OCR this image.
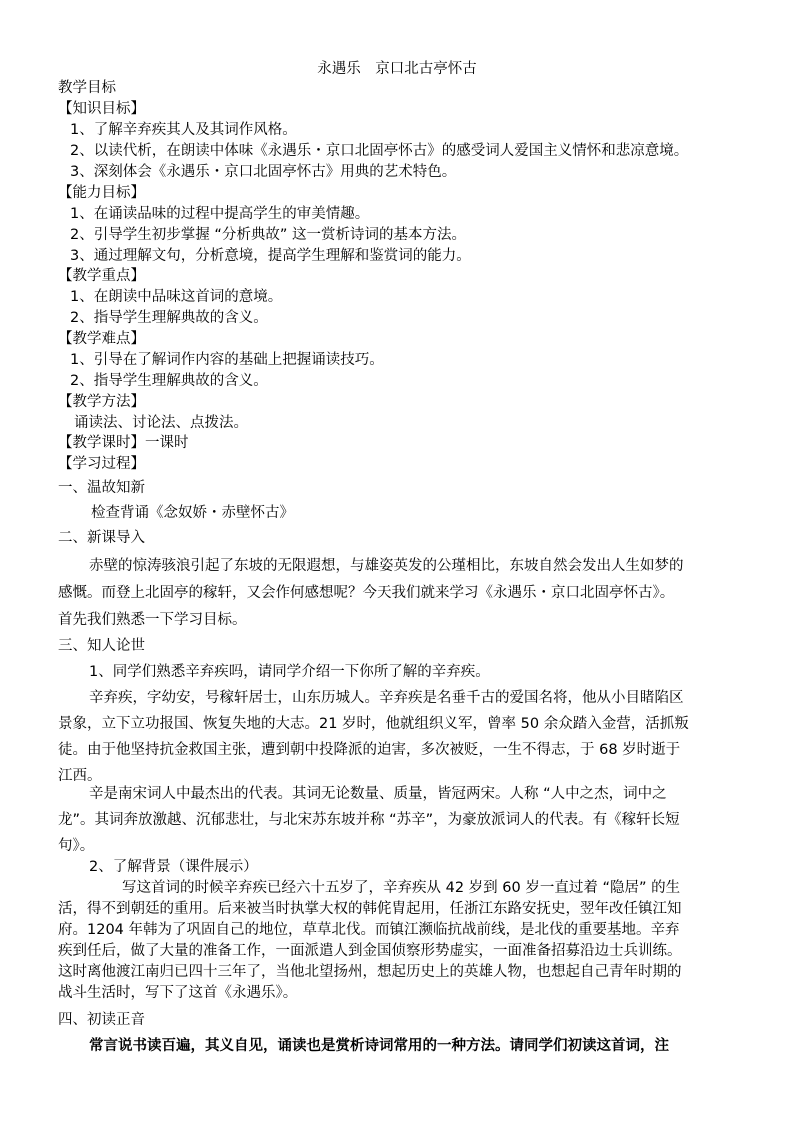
永遇乐　京口北古亭怀古
教学目标
【知识目标】
1、了解辛弃疾其人及其词作风格。
2、以读代析，在朗读中体味《永遇乐・京口北固亭怀古》的感受词人爱国主义情怀和悲凉意境。
3、深刻体会《永遇乐・京口北固亭怀古》用典的艺术特色。
【能力目标】
1、在诵读品味的过程中提高学生的审美情趣。
2、引导学生初步掌握 “分析典故” 这一赏析诗词的基本方法。
3、通过理解文句，分析意境，提高学生理解和鉴赏词的能力。
【教学重点】
1、在朗读中品味这首词的意境。
2、指导学生理解典故的含义。
【教学难点】
1、引导在了解词作内容的基础上把握诵读技巧。
2、指导学生理解典故的含义。
【教学方法】
诵读法、讨论法、点拨法。
【教学课时】一课时
【学习过程】
一、温故知新
检查背诵《念奴娇・赤壁怀古》
二、新课导入
赤壁的惊涛骇浪引起了东坡的无限遐想，与雄姿英发的公瑾相比，东坡自然会发出人生如梦的
感慨。而登上北固亭的稼轩，又会作何感想呢？今天我们就来学习《永遇乐・京口北固亭怀古》。
首先我们熟悉一下学习目标。
三、知人论世
1、同学们熟悉辛弃疾吗，请同学介绍一下你所了解的辛弃疾。
辛弃疾，字幼安，号稼轩居士，山东历城人。辛弃疾是名垂千古的爱国名将，他从小目睹陷区
景象，立下立功报国、恢复失地的大志。21 岁时，他就组织义军，曾率 50 余众踏入金营，活抓叛
徒。由于他坚持抗金救国主张，遭到朝中投降派的迫害，多次被贬，一生不得志，于 68 岁时逝于
江西。
辛是南宋词人中最杰出的代表。其词无论数量、质量，皆冠两宋。人称 “人中之杰，词中之
龙”。其词奔放激越、沉郁悲壮，与北宋苏东坡并称 “苏辛”，为豪放派词人的代表。有《稼轩长短
句》。
2、了解背景（课件展示）
写这首词的时候辛弃疾已经六十五岁了，辛弃疾从 42 岁到 60 岁一直过着 “隐居” 的生
活，得不到朝廷的重用。后来被当时执掌大权的韩侂胄起用，任浙江东路安抚史，翌年改任镇江知
府。1204 年韩为了巩固自己的地位，草草北伐。而镇江濒临抗战前线，是北伐的重要基地。辛弃
疾到任后，做了大量的准备工作，一面派遣人到金国侦察形势虚实，一面准备招募沿边士兵训练。
这时离他渡江南归已四十三年了，当他北望扬州，想起历史上的英雄人物，也想起自己青年时期的
战斗生活时，写下了这首《永遇乐》。
四、初读正音
常言说书读百遍，其义自见，诵读也是赏析诗词常用的一种方法。请同学们初读这首词，注
